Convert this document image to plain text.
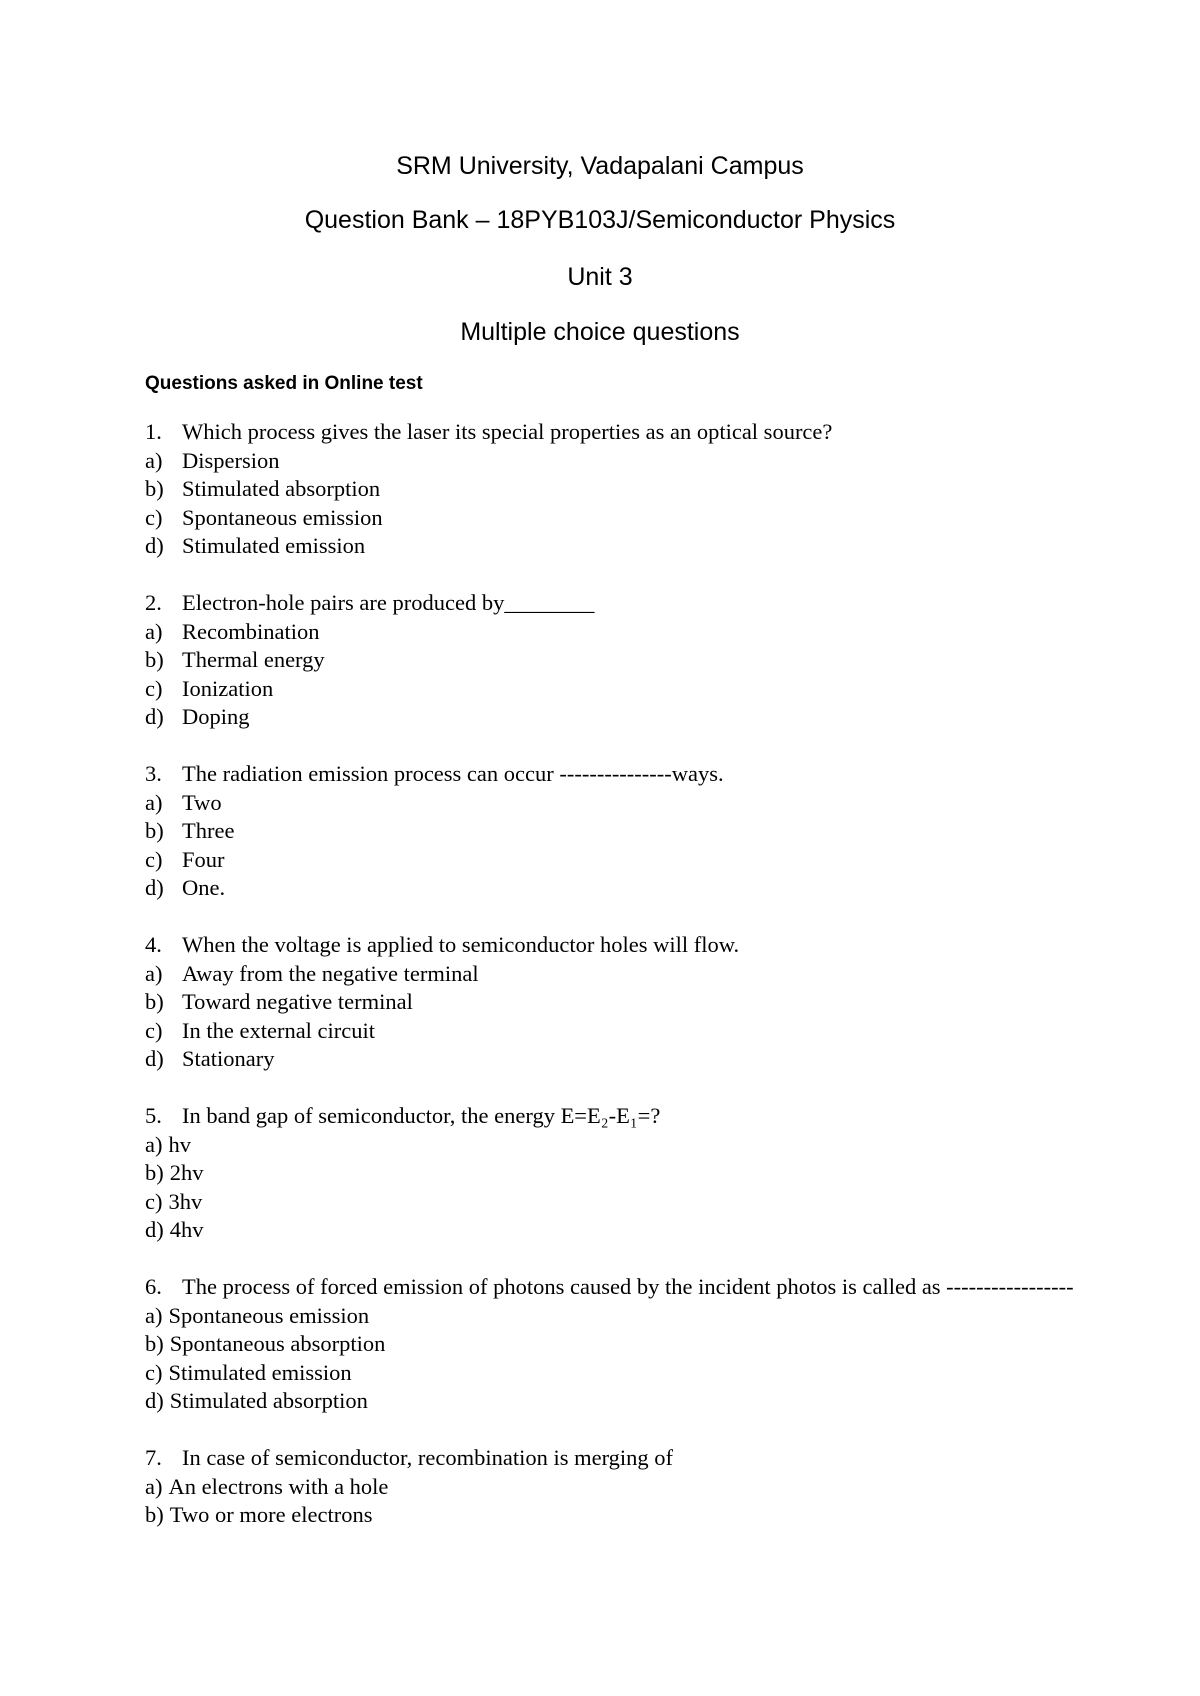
SRM University, Vadapalani Campus
Question Bank – 18PYB103J/Semiconductor Physics
Unit 3
Multiple choice questions
Questions asked in Online test
1. Which process gives the laser its special properties as an optical source?
a) Dispersion
b) Stimulated absorption
c) Spontaneous emission
d) Stimulated emission
2. Electron-hole pairs are produced by________
a) Recombination
b) Thermal energy
c) Ionization
d) Doping
3. The radiation emission process can occur ---------------ways.
a) Two
b) Three
c) Four
d) One.
4. When the voltage is applied to semiconductor holes will flow.
a) Away from the negative terminal
b) Toward negative terminal
c) In the external circuit
d) Stationary
5. In band gap of semiconductor, the energy E=E₂-E₁=?
a) hv
b) 2hv
c) 3hv
d) 4hv
6. The process of forced emission of photons caused by the incident photos is called as -----------------
a) Spontaneous emission
b) Spontaneous absorption
c) Stimulated emission
d) Stimulated absorption
7. In case of semiconductor, recombination is merging of
a) An electrons with a hole
b) Two or more electrons
